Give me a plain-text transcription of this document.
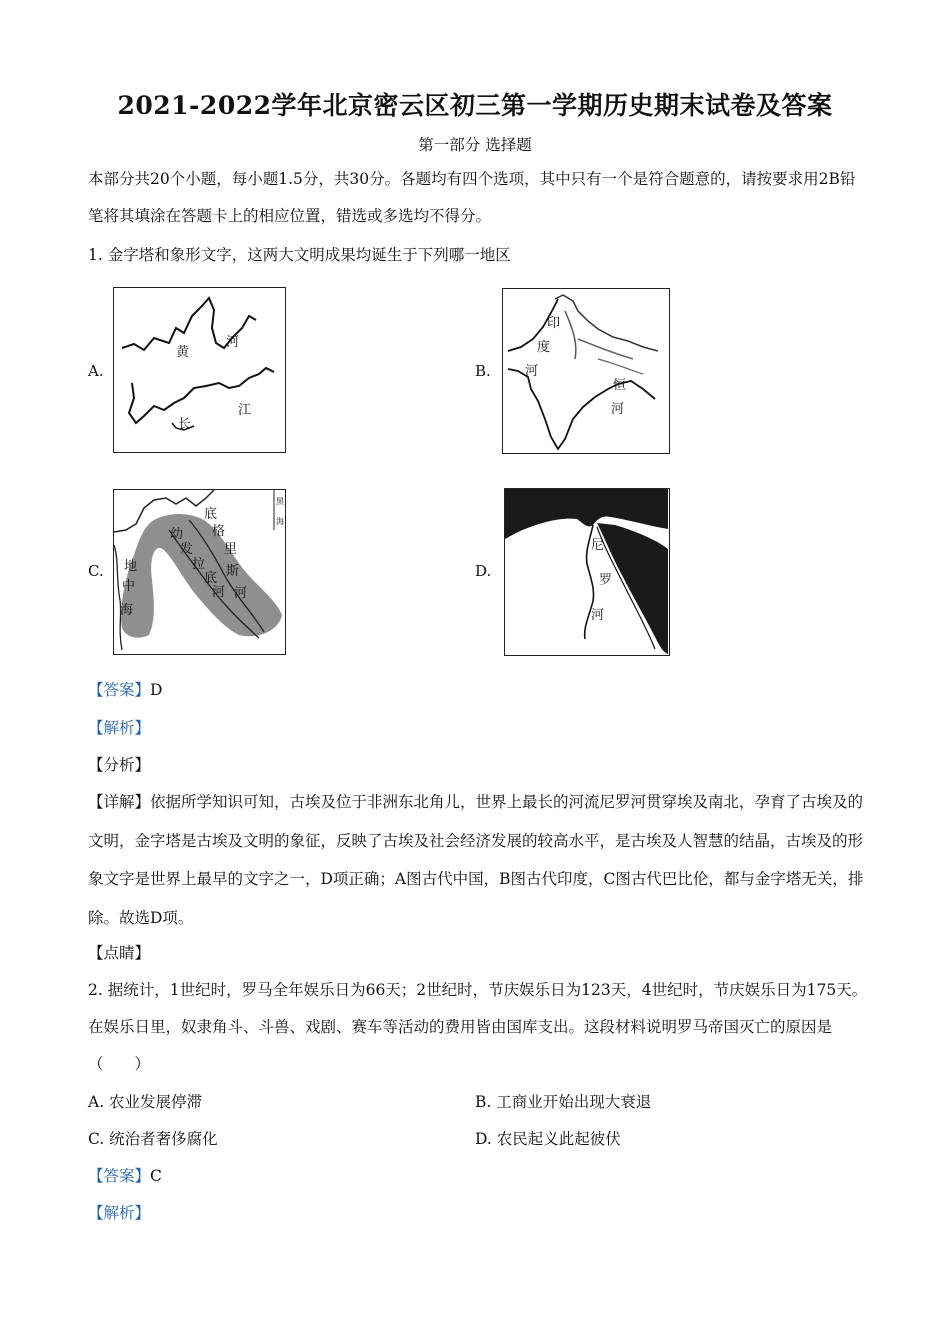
2021-2022学年北京密云区初三第一学期历史期末试卷及答案
第一部分 选择题
本部分共20个小题，每小题1.5分，共30分。各题均有四个选项，其中只有一个是符合题意的，请按要求用2B铅笔将其填涂在答题卡上的相应位置，错选或多选均不得分。
1. 金字塔和象形文字，这两大文明成果均诞生于下列哪一地区
A.
黄
河
长
江
B.
印
度
河
恒
河
C.
底
格
里
斯
河
幼
发
拉
底
河
地
中
海
黑
海
D.
尼
罗
河
【答案】D
【解析】
【分析】
【详解】依据所学知识可知，古埃及位于非洲东北角儿，世界上最长的河流尼罗河贯穿埃及南北，孕育了古埃及的文明，金字塔是古埃及文明的象征，反映了古埃及社会经济发展的较高水平，是古埃及人智慧的结晶，古埃及的形象文字是世界上最早的文字之一，D项正确；A图古代中国，B图古代印度，C图古代巴比伦，都与金字塔无关，排除。故选D项。
【点睛】
2. 据统计，1世纪时，罗马全年娱乐日为66天；2世纪时，节庆娱乐日为123天，4世纪时，节庆娱乐日为175天。在娱乐日里，奴隶角斗、斗兽、戏剧、赛车等活动的费用皆由国库支出。这段材料说明罗马帝国灭亡的原因是（　　）
A. 农业发展停滞	B. 工商业开始出现大衰退
C. 统治者奢侈腐化	D. 农民起义此起彼伏
【答案】C
【解析】
